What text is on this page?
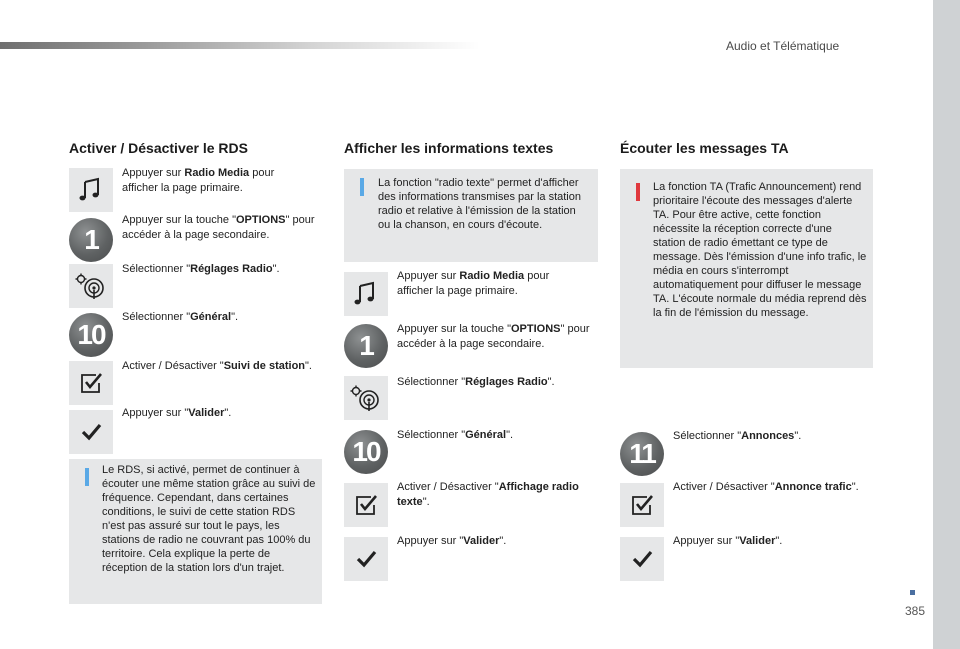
Audio et Télématique
Activer / Désactiver le RDS
Appuyer sur Radio Media pour afficher la page primaire.
1
Appuyer sur la touche "OPTIONS" pour accéder à la page secondaire.
Sélectionner "Réglages Radio".
10
Sélectionner "Général".
Activer / Désactiver "Suivi de station".
Appuyer sur "Valider".
Le RDS, si activé, permet de continuer à écouter une même station grâce au suivi de fréquence. Cependant, dans certaines conditions, le suivi de cette station RDS n'est pas assuré sur tout le pays, les stations de radio ne couvrant pas 100% du territoire. Cela explique la perte de réception de la station lors d'un trajet.
Afficher les informations textes
La fonction "radio texte" permet d'afficher des informations transmises par la station radio et relative à l'émission de la station ou la chanson, en cours d'écoute.
Appuyer sur Radio Media pour afficher la page primaire.
1
Appuyer sur la touche "OPTIONS" pour accéder à la page secondaire.
Sélectionner "Réglages Radio".
10
Sélectionner "Général".
Activer / Désactiver "Affichage radio texte".
Appuyer sur "Valider".
Écouter les messages TA
La fonction TA (Trafic Announcement) rend prioritaire l'écoute des messages d'alerte TA. Pour être active, cette fonction nécessite la réception correcte d'une station de radio émettant ce type de message. Dès l'émission d'une info trafic, le média en cours s'interrompt automatiquement pour diffuser le message TA. L'écoute normale du média reprend dès la fin de l'émission du message.
11
Sélectionner "Annonces".
Activer / Désactiver "Annonce trafic".
Appuyer sur "Valider".
385
